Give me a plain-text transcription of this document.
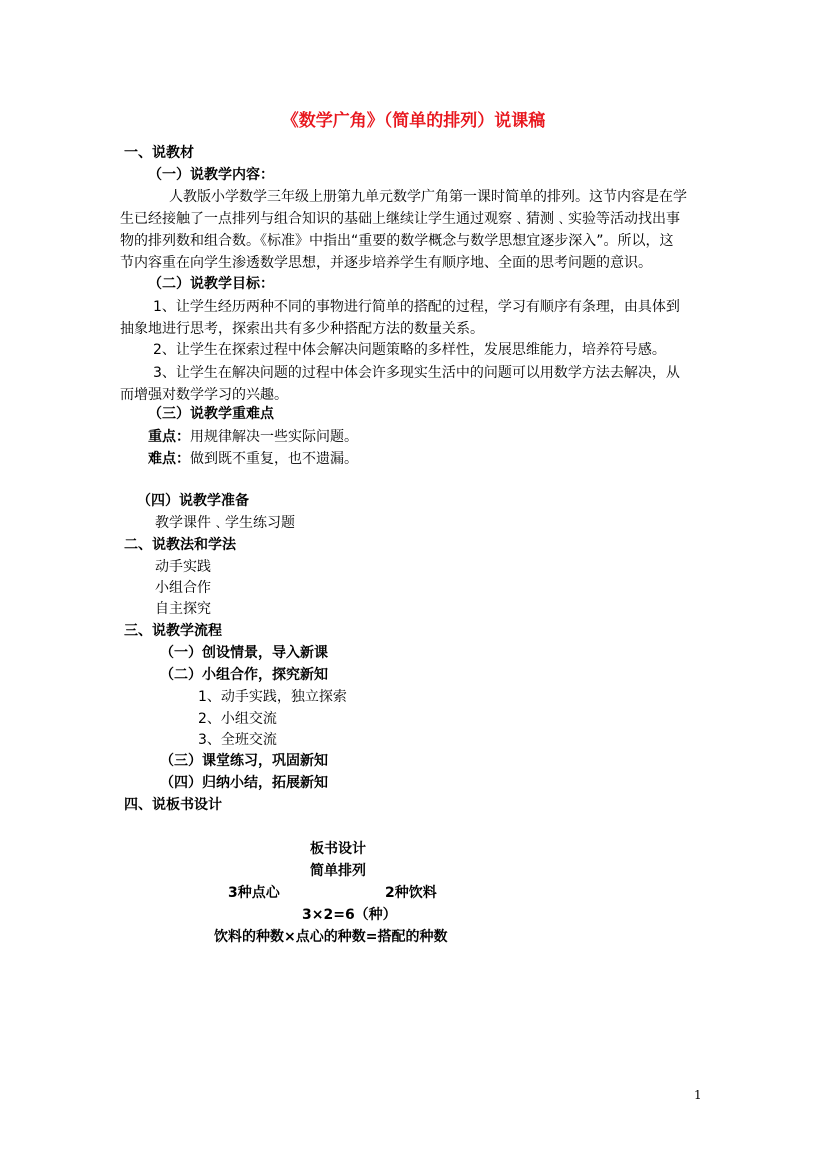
《数学广角》（简单的排列）说课稿
一、说教材
（一）说教学内容：

人教版小学数学三年级上册第九单元数学广角第一课时简单的排列。这节内容是在学

生已经接触了一点排列与组合知识的基础上继续让学生通过观察﹑猜测﹑实验等活动找出事

物的排列数和组合数。《标准》中指出“重要的数学概念与数学思想宜逐步深入”。所以，这

节内容重在向学生渗透数学思想，并逐步培养学生有顺序地、全面的思考问题的意识。

（二）说教学目标：

1、让学生经历两种不同的事物进行简单的搭配的过程，学习有顺序有条理，由具体到

抽象地进行思考，探索出共有多少种搭配方法的数量关系。

2、让学生在探索过程中体会解决问题策略的多样性，发展思维能力，培养符号感。

3、让学生在解决问题的过程中体会许多现实生活中的问题可以用数学方法去解决，从

而增强对数学学习的兴趣。

（三）说教学重难点
重点：用规律解决一些实际问题。
难点：做到既不重复，也不遗漏。
（四）说教学准备
教学课件﹑学生练习题
二、说教法和学法
动手实践
小组合作
自主探究
三、说教学流程
（一）创设情景，导入新课
（二）小组合作，探究新知
1、动手实践，独立探索
2、小组交流
3、全班交流
（三）课堂练习，巩固新知
（四）归纳小结，拓展新知
四、说板书设计
板书设计
简单排列
3种点心	2种饮料
3×2=6（种）
饮料的种数×点心的种数=搭配的种数
1
